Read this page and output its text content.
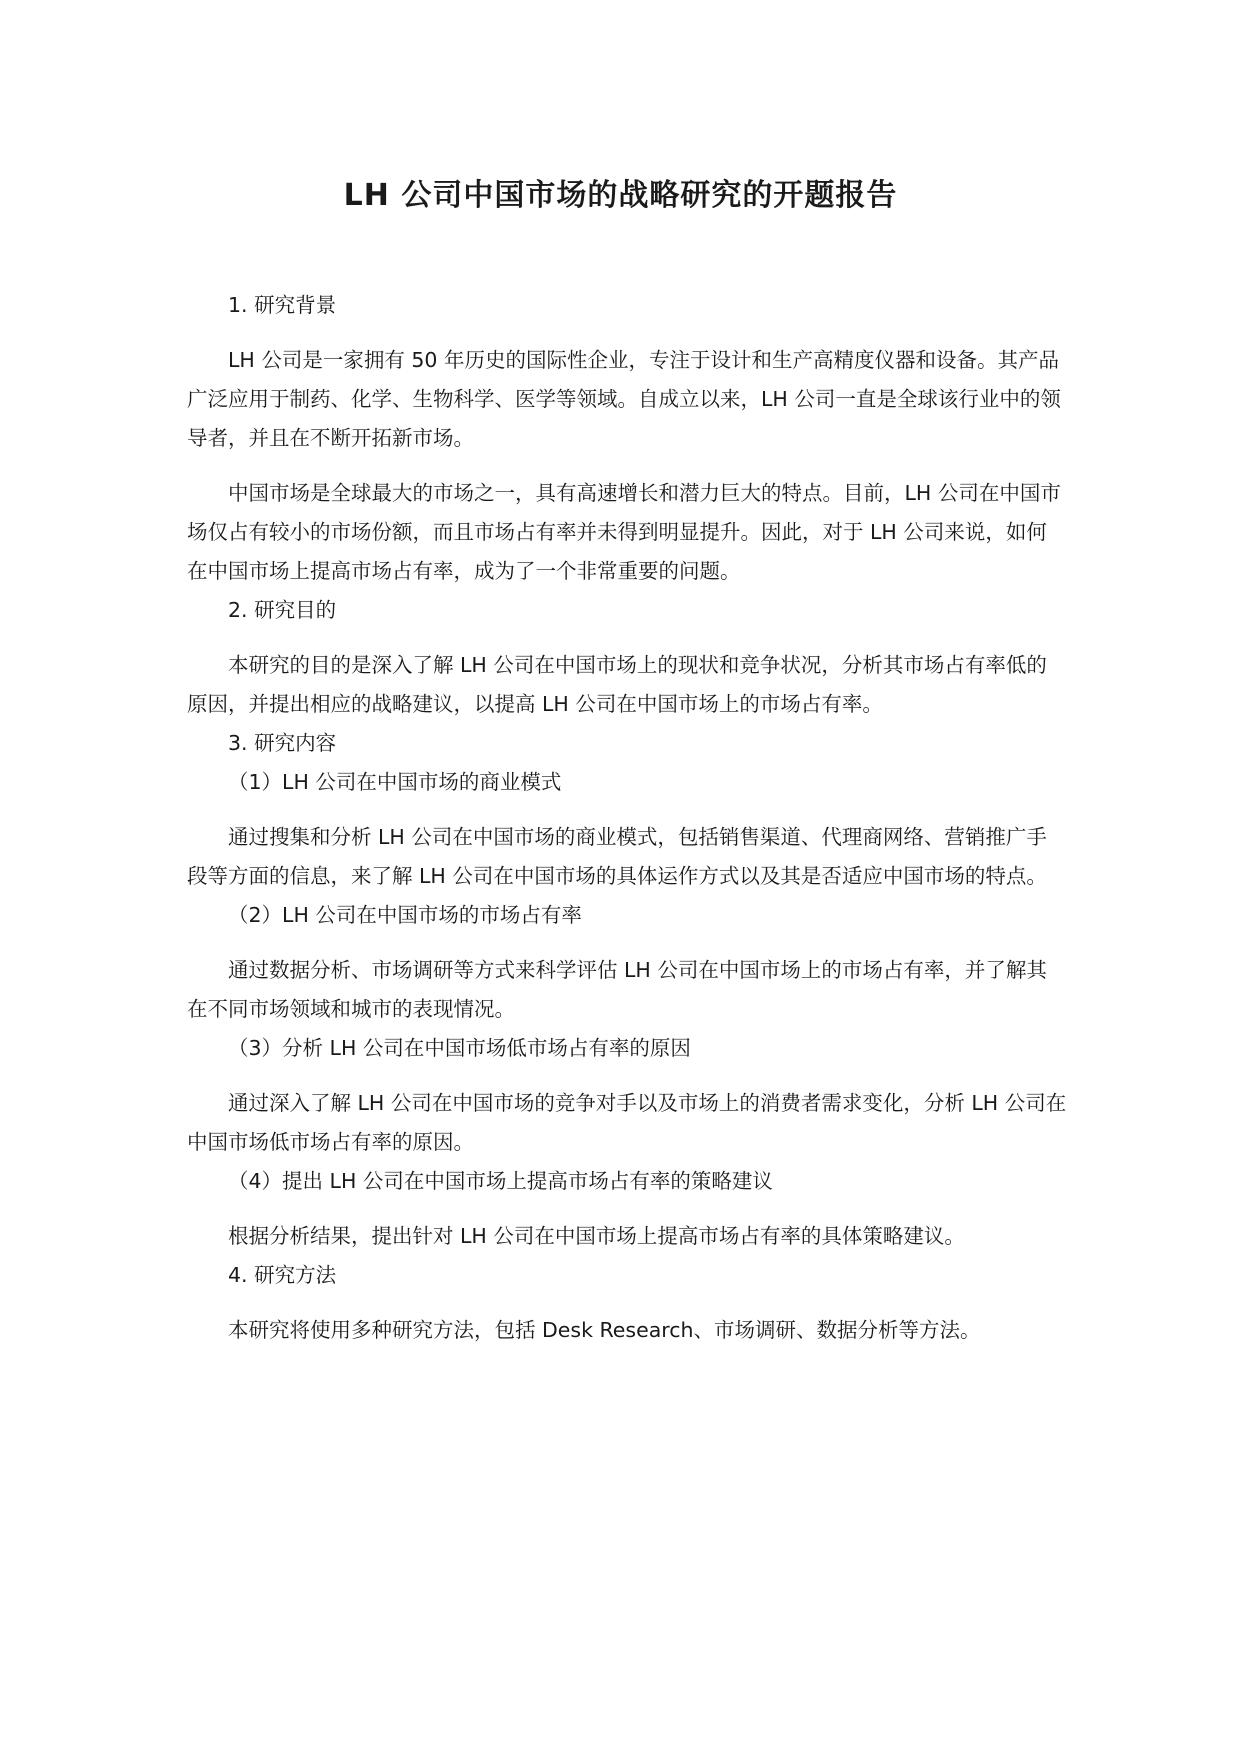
LH 公司中国市场的战略研究的开题报告

1. 研究背景

LH 公司是一家拥有 50 年历史的国际性企业，专注于设计和生产高精度仪器和设备。其产品广泛应用于制药、化学、生物科学、医学等领域。自成立以来，LH 公司一直是全球该行业中的领导者，并且在不断开拓新市场。

中国市场是全球最大的市场之一，具有高速增长和潜力巨大的特点。目前，LH 公司在中国市场仅占有较小的市场份额，而且市场占有率并未得到明显提升。因此，对于 LH 公司来说，如何在中国市场上提高市场占有率，成为了一个非常重要的问题。

2. 研究目的

本研究的目的是深入了解 LH 公司在中国市场上的现状和竞争状况，分析其市场占有率低的原因，并提出相应的战略建议，以提高 LH 公司在中国市场上的市场占有率。

3. 研究内容

（1）LH 公司在中国市场的商业模式

通过搜集和分析 LH 公司在中国市场的商业模式，包括销售渠道、代理商网络、营销推广手段等方面的信息，来了解 LH 公司在中国市场的具体运作方式以及其是否适应中国市场的特点。

（2）LH 公司在中国市场的市场占有率

通过数据分析、市场调研等方式来科学评估 LH 公司在中国市场上的市场占有率，并了解其在不同市场领域和城市的表现情况。

（3）分析 LH 公司在中国市场低市场占有率的原因

通过深入了解 LH 公司在中国市场的竞争对手以及市场上的消费者需求变化，分析 LH 公司在中国市场低市场占有率的原因。

（4）提出 LH 公司在中国市场上提高市场占有率的策略建议

根据分析结果，提出针对 LH 公司在中国市场上提高市场占有率的具体策略建议。

4. 研究方法

本研究将使用多种研究方法，包括 Desk Research、市场调研、数据分析等方法。
